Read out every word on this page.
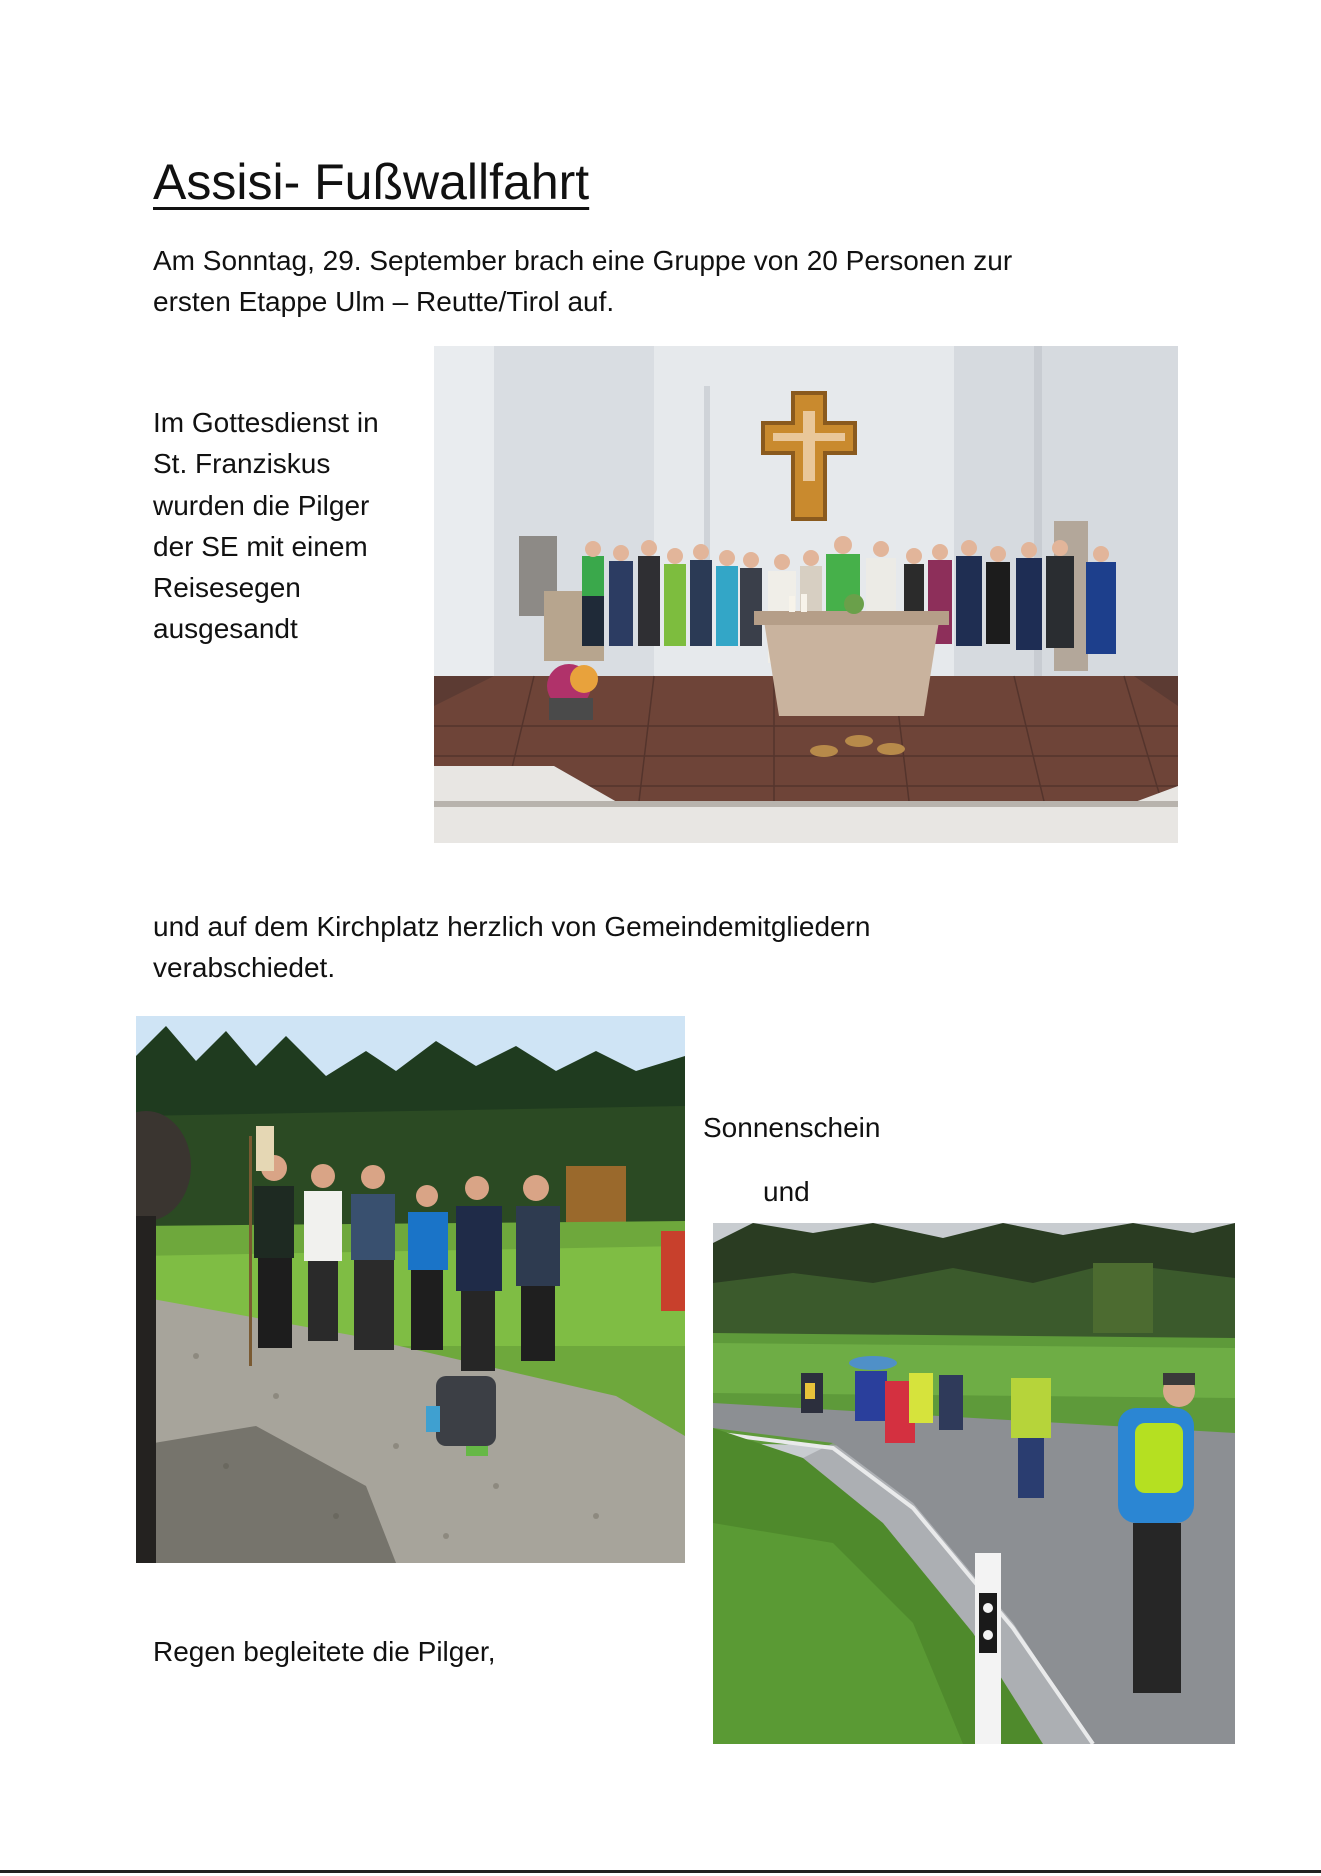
Assisi- Fußwallfahrt
Am Sonntag, 29. September brach eine Gruppe von 20 Personen zur
ersten Etappe Ulm – Reutte/Tirol auf.
Im Gottesdienst in
St. Franziskus
wurden die Pilger
der SE mit einem
Reisesegen
ausgesandt
und auf dem Kirchplatz herzlich von Gemeindemitgliedern
verabschiedet.
Sonnenschein
und
Regen begleitete die Pilger,
